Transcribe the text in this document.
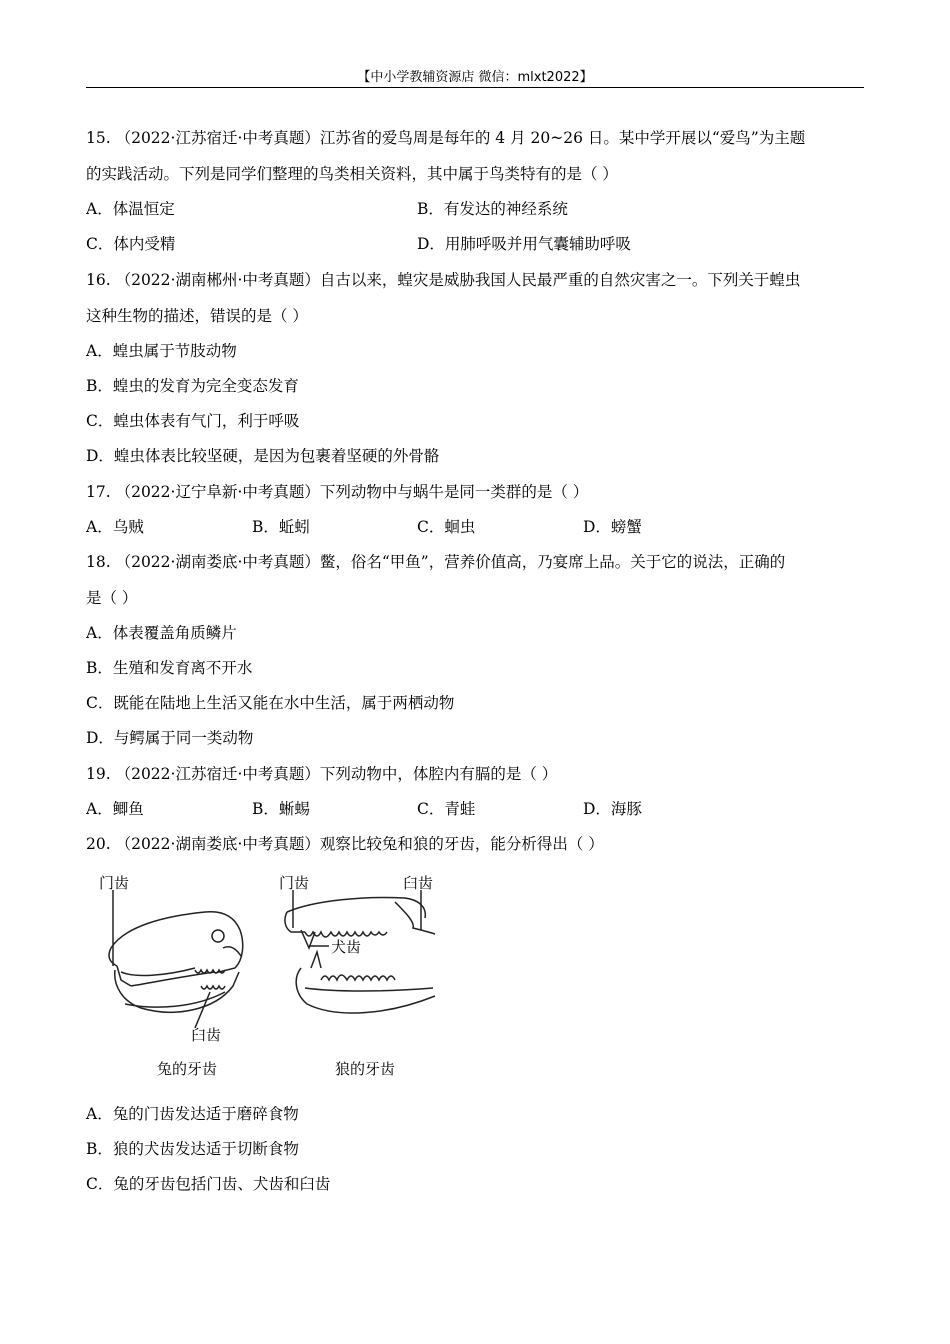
【中小学教辅资源店 微信：mlxt2022】
15. （2022·江苏宿迁·中考真题）江苏省的爱鸟周是每年的 4 月 20~26 日。某中学开展以“爱鸟”为主题
的实践活动。下列是同学们整理的鸟类相关资料，其中属于鸟类特有的是（ ）
A．体温恒定	B．有发达的神经系统
C．体内受精	D．用肺呼吸并用气囊辅助呼吸
16. （2022·湖南郴州·中考真题）自古以来，蝗灾是威胁我国人民最严重的自然灾害之一。下列关于蝗虫
这种生物的描述，错误的是（ ）
A．蝗虫属于节肢动物
B．蝗虫的发育为完全变态发育
C．蝗虫体表有气门，利于呼吸
D．蝗虫体表比较坚硬，是因为包裹着坚硬的外骨骼
17. （2022·辽宁阜新·中考真题）下列动物中与蜗牛是同一类群的是（ ）
A．乌贼	B．蚯蚓	C．蛔虫	D．螃蟹
18. （2022·湖南娄底·中考真题）鳖，俗名“甲鱼”，营养价值高，乃宴席上品。关于它的说法，正确的
是（ ）
A．体表覆盖角质鳞片
B．生殖和发育离不开水
C．既能在陆地上生活又能在水中生活，属于两栖动物
D．与鳄属于同一类动物
19. （2022·江苏宿迁·中考真题）下列动物中，体腔内有膈的是（ ）
A．鲫鱼	B．蜥蜴	C．青蛙	D．海豚
20. （2022·湖南娄底·中考真题）观察比较兔和狼的牙齿，能分析得出（ ）
门齿
臼齿
兔的牙齿
门齿	臼齿
犬齿
狼的牙齿
A．兔的门齿发达适于磨碎食物
B．狼的犬齿发达适于切断食物
C．兔的牙齿包括门齿、犬齿和臼齿
